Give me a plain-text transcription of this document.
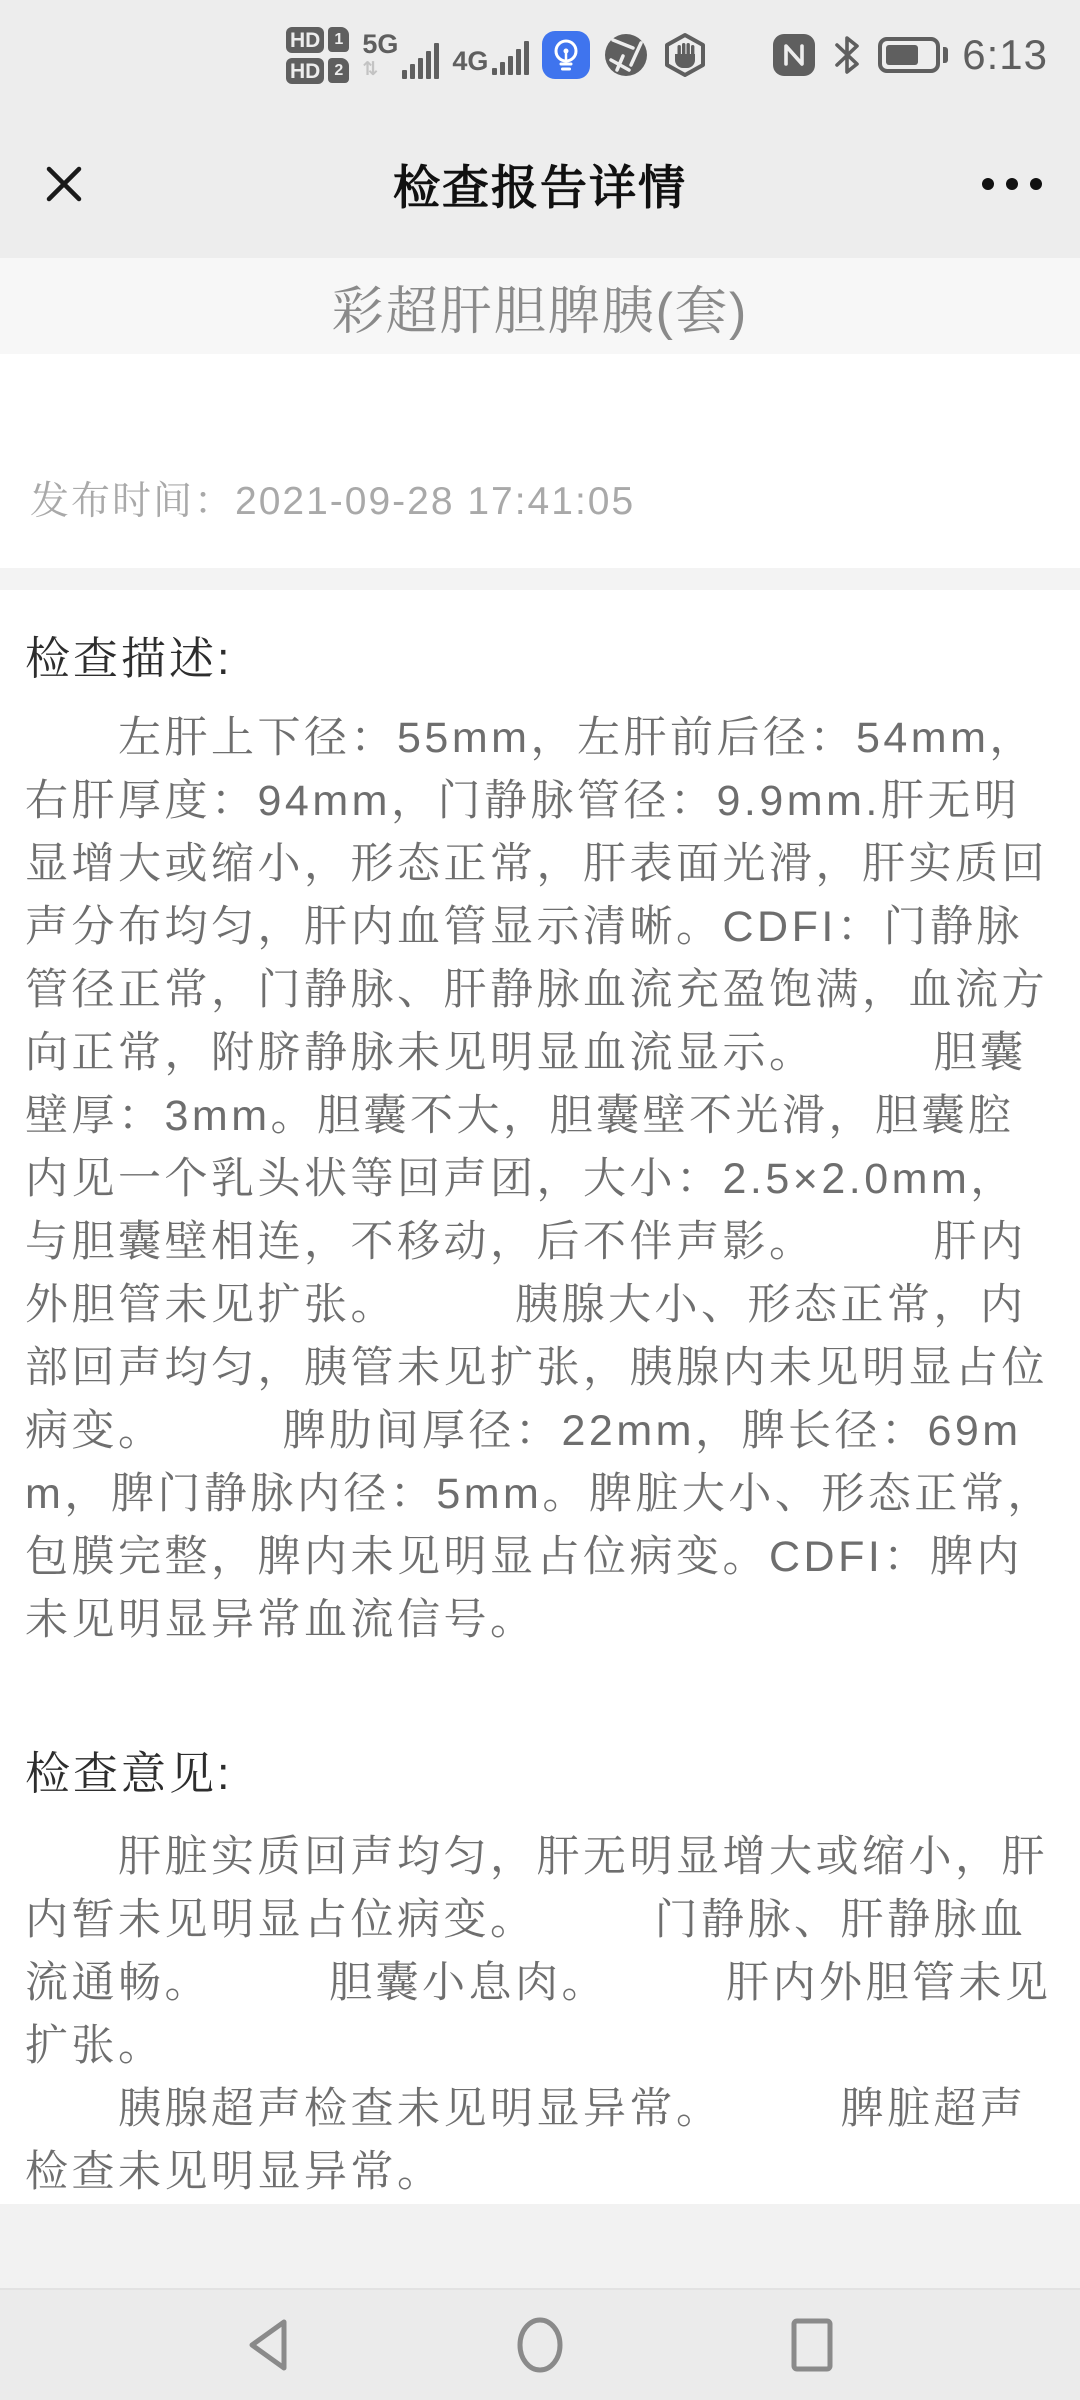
HD 1
HD 2
5G
⇅	4G	6:13
检查报告详情
彩超肝胆脾胰(套)
发布时间：2021-09-28 17:41:05
检查描述:

　　左肝上下径：55mm，左肝前后径：54mm，右肝厚度：94mm，门静脉管径：9.9mm.肝无明显增大或缩小，形态正常，肝表面光滑，肝实质回声分布均匀，肝内血管显示清晰。CDFI：门静脉管径正常，门静脉、肝静脉血流充盈饱满，血流方向正常，附脐静脉未见明显血流显示。　　　胆囊壁厚：3mm。胆囊不大，胆囊壁不光滑，胆囊腔内见一个乳头状等回声团，大小：2.5×2.0mm，与胆囊壁相连，不移动，后不伴声影。　　　肝内外胆管未见扩张。　　　胰腺大小、形态正常，内部回声均匀，胰管未见扩张，胰腺内未见明显占位病变。　　　脾肋间厚径：22mm，脾长径：69mm，脾门静脉内径：5mm。脾脏大小、形态正常，包膜完整，脾内未见明显占位病变。CDFI：脾内未见明显异常血流信号。

检查意见:

　　肝脏实质回声均匀，肝无明显增大或缩小，肝内暂未见明显占位病变。　　　门静脉、肝静脉血流通畅。　　　胆囊小息肉。　　　肝内外胆管未见扩张。

　　胰腺超声检查未见明显异常。　　　脾脏超声检查未见明显异常。
